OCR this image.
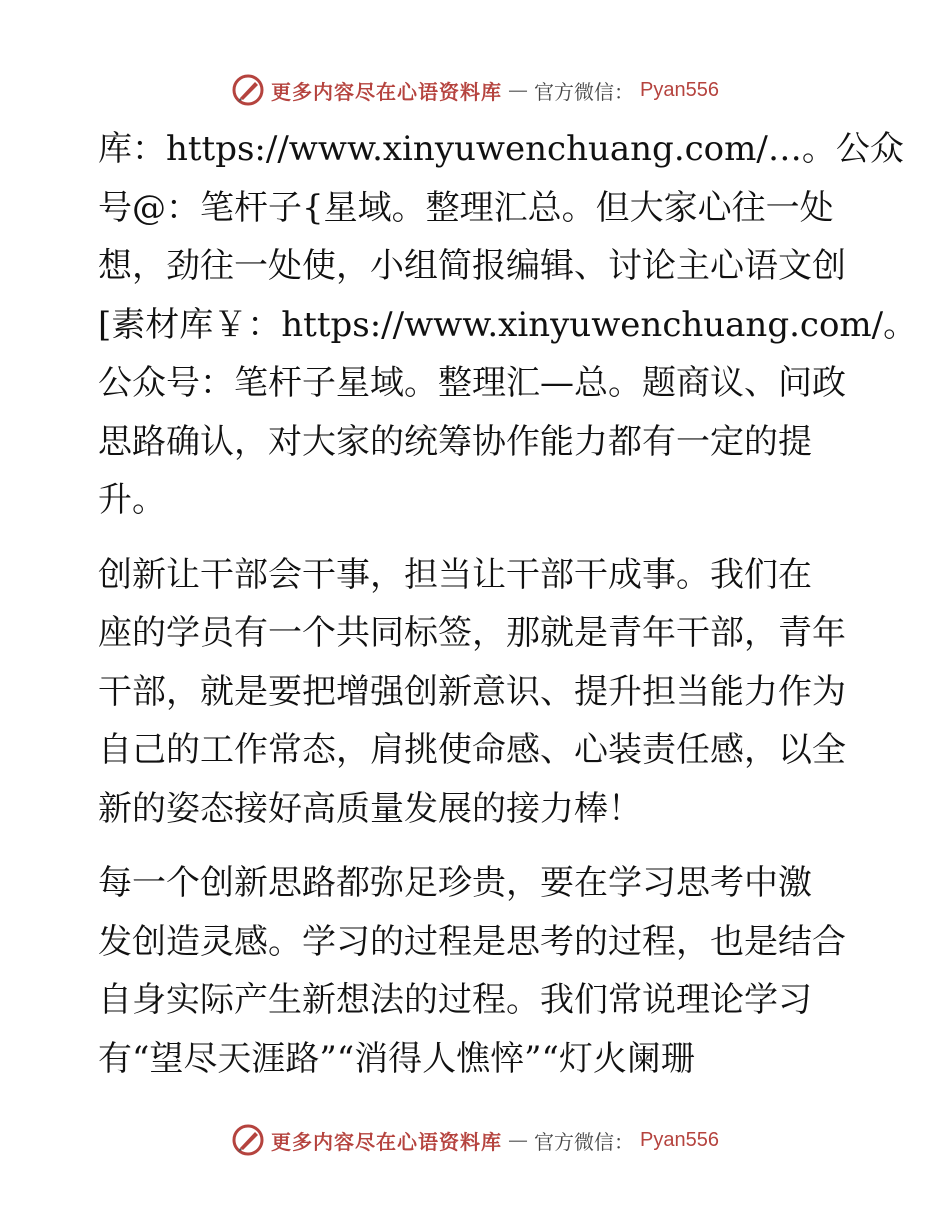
更多内容尽在心语资料库 — 官方微信： Pyan556

库：https://www.xinyuwenchuang.com/…。公众
号@：笔杆子{星域。整理汇总。但大家心往一处
想，劲往一处使，小组简报编辑、讨论主心语文创
[素材库￥：https://www.xinyuwenchuang.com/。
公众号：笔杆子星域。整理汇—总。题商议、问政
思路确认，对大家的统筹协作能力都有一定的提
升。

创新让干部会干事，担当让干部干成事。我们在
座的学员有一个共同标签，那就是青年干部，青年
干部，就是要把增强创新意识、提升担当能力作为
自己的工作常态，肩挑使命感、心装责任感，以全
新的姿态接好高质量发展的接力棒！

每一个创新思路都弥足珍贵，要在学习思考中激
发创造灵感。学习的过程是思考的过程，也是结合
自身实际产生新想法的过程。我们常说理论学习
有“望尽天涯路”“消得人憔悴”“灯火阑珊

更多内容尽在心语资料库 — 官方微信： Pyan556
